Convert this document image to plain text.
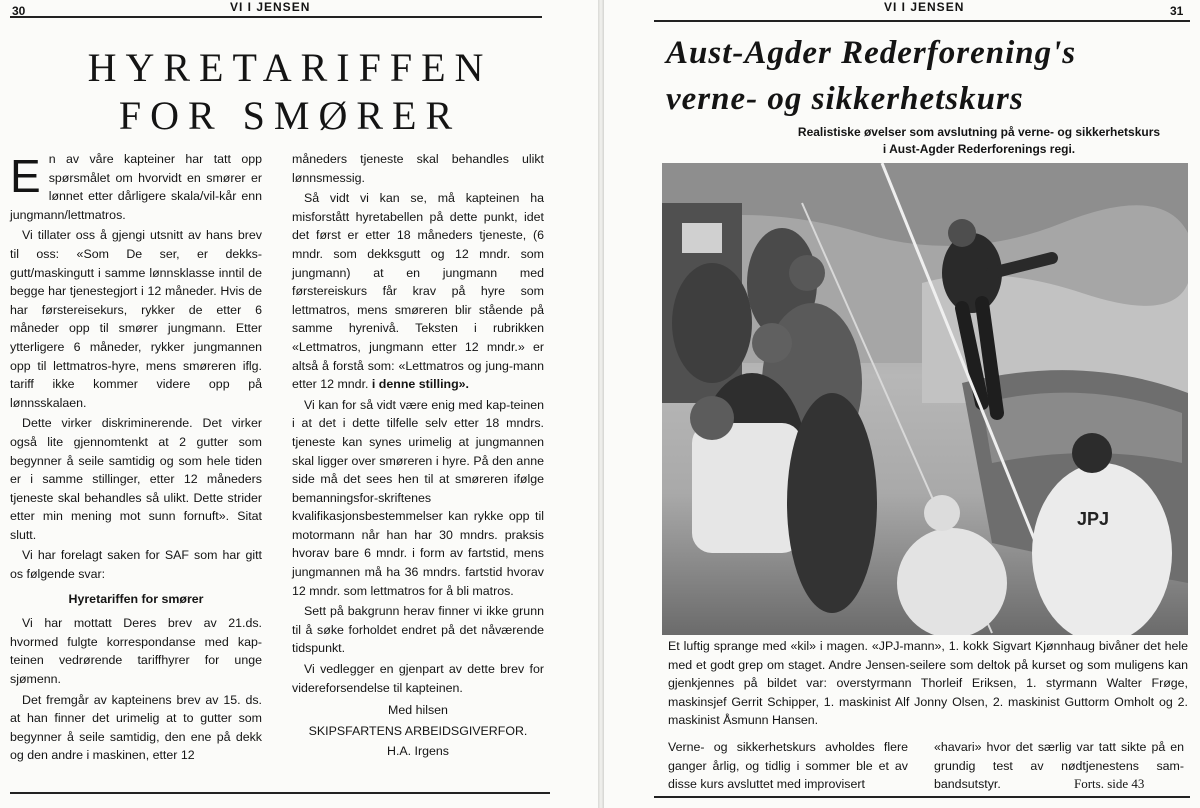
30	VI I JENSEN
HYRETARIFFEN
FOR SMØRER

En av våre kapteiner har tatt opp spørsmålet om hvorvidt en smører er lønnet etter dårligere skala/vil-kår enn jungmann/lettmatros.

Vi tillater oss å gjengi utsnitt av hans brev til oss: «Som De ser, er dekks-gutt/maskingutt i samme lønnsklasse inntil de begge har tjenestegjort i 12 måneder. Hvis de har førstereisekurs, rykker de etter 6 måneder opp til smører jungmann. Etter ytterligere 6 måneder, rykker jungmannen opp til lettmatros-hyre, mens smøreren iflg. tariff ikke kommer videre opp på lønnsskalaen.

Dette virker diskriminerende. Det virker også lite gjennomtenkt at 2 gutter som begynner å seile samtidig og som hele tiden er i samme stillinger, etter 12 måneders tjeneste skal behandles så ulikt. Dette strider etter min mening mot sunn fornuft». Sitat slutt.

Vi har forelagt saken for SAF som har gitt os følgende svar:

Hyretariffen for smører

Vi har mottatt Deres brev av 21.ds. hvormed fulgte korrespondanse med kap-teinen vedrørende tariffhyrer for unge sjømenn.

Det fremgår av kapteinens brev av 15. ds. at han finner det urimelig at to gutter som begynner å seile samtidig, den ene på dekk og den andre i maskinen, etter 12

måneders tjeneste skal behandles ulikt lønnsmessig.

Så vidt vi kan se, må kapteinen ha misforstått hyretabellen på dette punkt, idet det først er etter 18 måneders tjeneste, (6 mndr. som dekksgutt og 12 mndr. som jungmann) at en jungmann med førstereiskurs får krav på hyre som lettmatros, mens smøreren blir stående på samme hyrenivå. Teksten i rubrikken «Lettmatros, jungmann etter 12 mndr.» er altså å forstå som: «Lettmatros og jung-mann etter 12 mndr. i denne stilling».

Vi kan for så vidt være enig med kap-teinen i at det i dette tilfelle selv etter 18 mndrs. tjeneste kan synes urimelig at jungmannen skal ligger over smøreren i hyre. På den anne side må det sees hen til at smøreren ifølge bemanningsfor-skriftenes kvalifikasjonsbestemmelser kan rykke opp til motormann når han har 30 mndrs. praksis hvorav bare 6 mndr. i form av fartstid, mens jungmannen må ha 36 mndrs. fartstid hvorav 12 mndr. som lettmatros for å bli matros.

Sett på bakgrunn herav finner vi ikke grunn til å søke forholdet endret på det nåværende tidspunkt.

Vi vedlegger en gjenpart av dette brev for videreforsendelse til kapteinen.

Med hilsen

SKIPSFARTENS ARBEIDSGIVERFOR.

H.A. Irgens

VI I JENSEN	31
Aust-Agder Rederforening's
verne- og sikkerhetskurs
Realistiske øvelser som avslutning på verne- og sikkerhetskurs
i Aust-Agder Rederforenings regi.
JPJ
Et luftig sprange med «kil» i magen. «JPJ-mann», 1. kokk Sigvart Kjønnhaug bivåner det hele med et godt grep om staget. Andre Jensen-seilere som deltok på kurset og som muligens kan gjenkjennes på bildet var: overstyrmann Thorleif Eriksen, 1. styrmann Walter Frøge, maskinsjef Gerrit Schipper, 1. maskinist Alf Jonny Olsen, 2. maskinist Guttorm Omholt og 2. maskinist Åsmunn Hansen.

Verne- og sikkerhetskurs avholdes flere ganger årlig, og tidlig i sommer ble et av disse kurs avsluttet med improvisert

«havari» hvor det særlig var tatt sikte på en grundig test av nødtjenestens sam-bandsutstyr.	Forts. side 43
